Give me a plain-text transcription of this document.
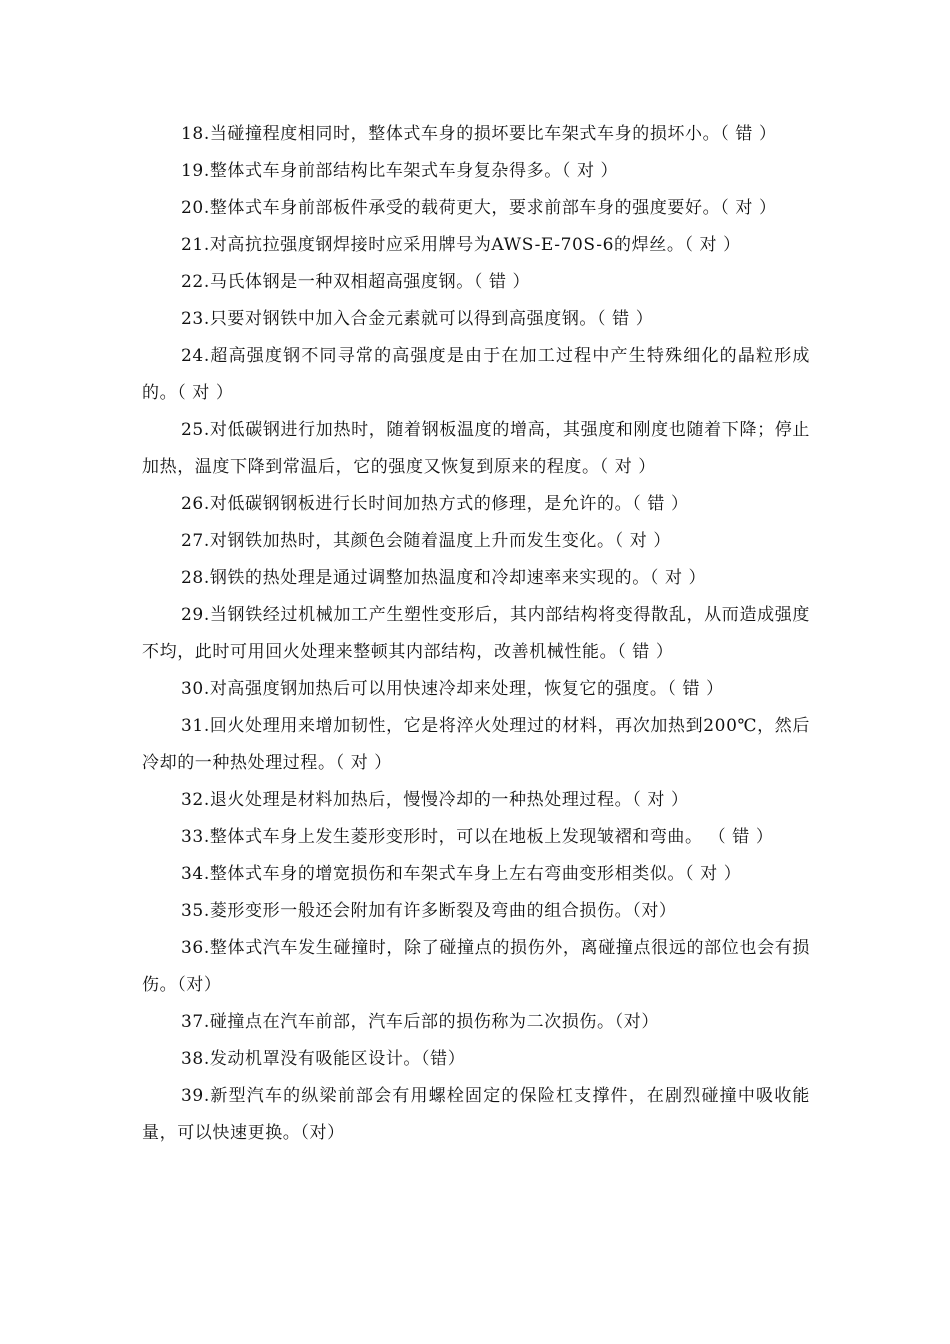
18.当碰撞程度相同时，整体式车身的损坏要比车架式车身的损坏小。（ 错 ）

19.整体式车身前部结构比车架式车身复杂得多。（ 对 ）

20.整体式车身前部板件承受的载荷更大，要求前部车身的强度要好。（ 对 ）

21.对高抗拉强度钢焊接时应采用牌号为AWS-E-70S-6的焊丝。（ 对 ）

22.马氏体钢是一种双相超高强度钢。（ 错 ）

23.只要对钢铁中加入合金元素就可以得到高强度钢。（ 错 ）

24.超高强度钢不同寻常的高强度是由于在加工过程中产生特殊细化的晶粒形成的。（ 对 ）

25.对低碳钢进行加热时，随着钢板温度的增高，其强度和刚度也随着下降；停止加热，温度下降到常温后，它的强度又恢复到原来的程度。（ 对 ）

26.对低碳钢钢板进行长时间加热方式的修理，是允许的。（ 错 ）

27.对钢铁加热时，其颜色会随着温度上升而发生变化。（ 对 ）

28.钢铁的热处理是通过调整加热温度和冷却速率来实现的。（ 对 ）

29.当钢铁经过机械加工产生塑性变形后，其内部结构将变得散乱，从而造成强度不均，此时可用回火处理来整顿其内部结构，改善机械性能。（ 错 ）

30.对高强度钢加热后可以用快速冷却来处理，恢复它的强度。（ 错 ）

31.回火处理用来增加韧性，它是将淬火处理过的材料，再次加热到200℃，然后冷却的一种热处理过程。（ 对 ）

32.退火处理是材料加热后，慢慢冷却的一种热处理过程。（ 对 ）

33.整体式车身上发生菱形变形时，可以在地板上发现皱褶和弯曲。 （ 错 ）

34.整体式车身的增宽损伤和车架式车身上左右弯曲变形相类似。（ 对 ）

35.菱形变形一般还会附加有许多断裂及弯曲的组合损伤。（对）

36.整体式汽车发生碰撞时，除了碰撞点的损伤外，离碰撞点很远的部位也会有损伤。（对）

37.碰撞点在汽车前部，汽车后部的损伤称为二次损伤。（对）

38.发动机罩没有吸能区设计。（错）

39.新型汽车的纵梁前部会有用螺栓固定的保险杠支撑件，在剧烈碰撞中吸收能量，可以快速更换。（对）
